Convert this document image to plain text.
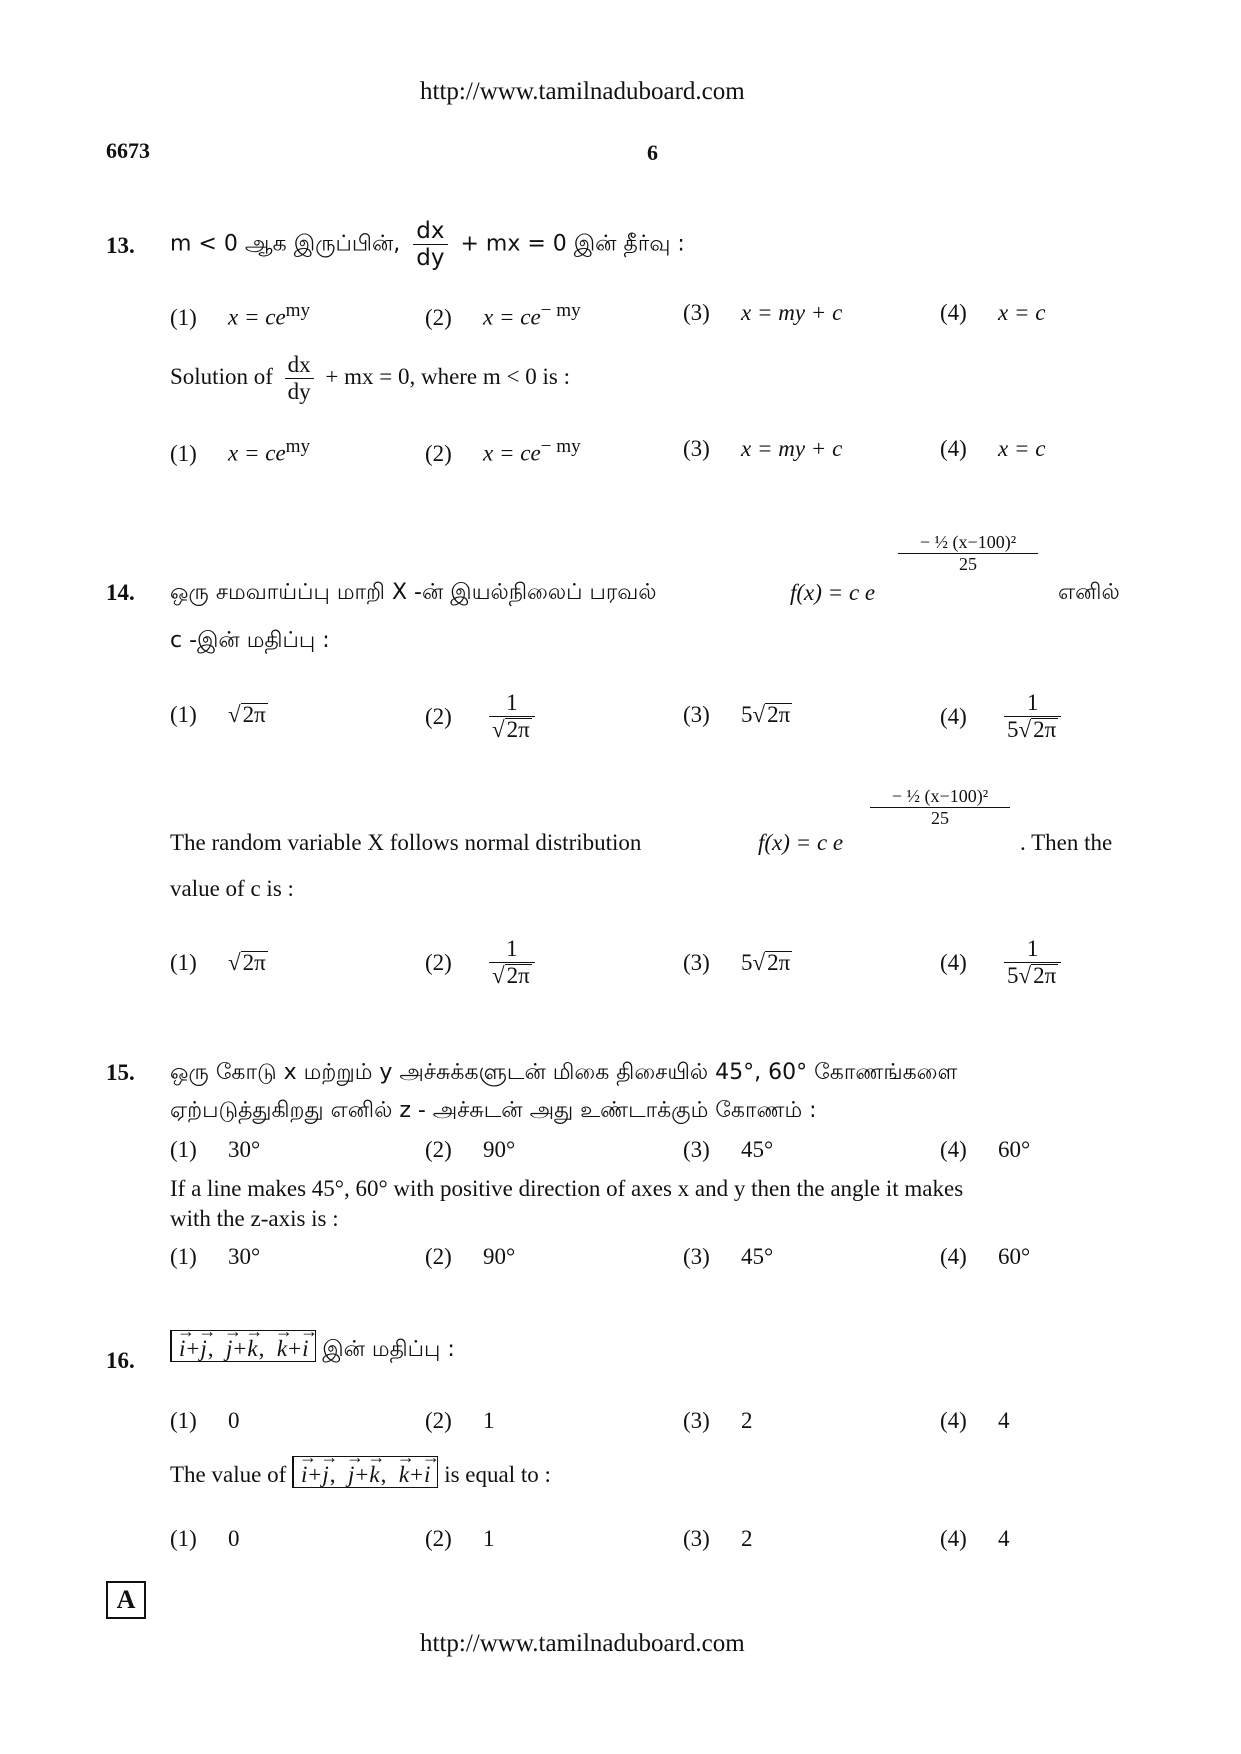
http://www.tamilnaduboard.com
6673	6
13. m < 0 ஆக இருப்பின், $\frac{dx}{dy}$ + mx = 0 இன் தீர்வு :
(1) $x = ce^{my}$	(2) $x = ce^{- my}$	(3) x = my + c	(4) x = c
Solution of $\frac{dx}{dy}$ + mx = 0, where m < 0 is :
(1) $x = ce^{my}$	(2) $x = ce^{- my}$	(3) x = my + c	(4) x = c
14. ஒரு சமவாய்ப்பு மாறி X -ன் இயல்நிலைப் பரவல்	f(x) = c e
$\frac{\text{− ½ (x−100)²}}{25}$
எனில்
c -இன் மதிப்பு :
(1) √2π	$(2) \frac{1}{√2\pi}$	(3) 5√2π	$(4) \frac{1}{5√2\pi}$
The random variable X follows normal distribution	f(x) = c e
$\frac{\text{− ½ (x−100)²}}{25}$
. Then the
value of c is :
(1) √2π	$(2) \frac{1}{√2\pi}$	(3) 5√2π	$(4) \frac{1}{5√2\pi}$
15. ஒரு கோடு x மற்றும் y அச்சுக்களுடன் மிகை திசையில் 45°, 60° கோணங்களை
ஏற்படுத்துகிறது எனில் z - அச்சுடன் அது உண்டாக்கும் கோணம் :
(1) 30°	(2) 90°	(3) 45°	(4) 60°
If a line makes 45°, 60° with positive direction of axes x and y then the angle it makes
with the z-axis is :
(1) 30°	(2) 90°	(3) 45°	(4) 60°
16.	→ i+→ j,  → j+→ k,  → k+→ i இன் மதிப்பு :
(1) 0	(2) 1	(3) 2	(4) 4
The value of → i+→ j,  → j+→ k,  → k+→ i is equal to :
(1) 0	(2) 1	(3) 2	(4) 4
A
http://www.tamilnaduboard.com
